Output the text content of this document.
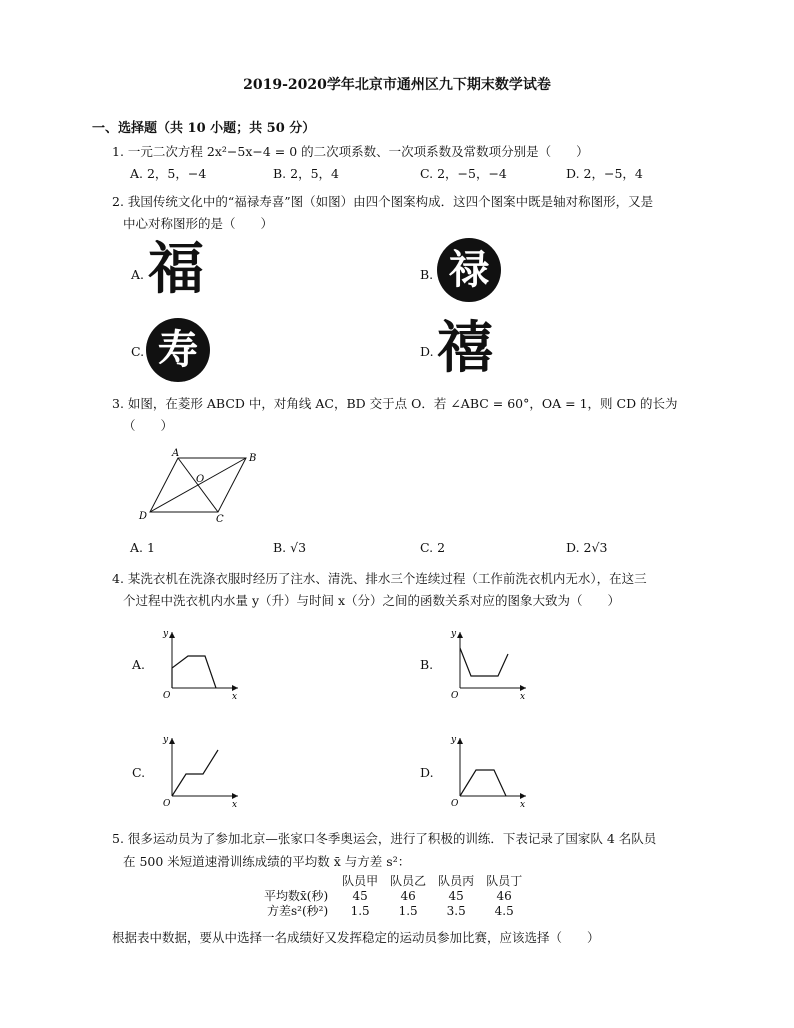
2019-2020学年北京市通州区九下期末数学试卷
一、选择题（共 10 小题；共 50 分）
1. 一元二次方程 2x²−5x−4 = 0 的二次项系数、一次项系数及常数项分别是（　　）
A. 2，5，−4	B. 2，5，4	C. 2，−5，−4	D. 2，−5，4
2. 我国传统文化中的“福禄寿喜”图（如图）由四个图案构成．这四个图案中既是轴对称图形，又是
中心对称图形的是（　　）
A. 福	B. 禄
C. 寿	D. 禧
3. 如图，在菱形 ABCD 中，对角线 AC，BD 交于点 O．若 ∠ABC = 60°，OA = 1，则 CD 的长为
（　　）
A	B
C
D
O
A. 1	B. √3	C. 2	D. 2√3
4. 某洗衣机在洗涤衣服时经历了注水、清洗、排水三个连续过程（工作前洗衣机内无水），在这三
个过程中洗衣机内水量 y（升）与时间 x（分）之间的函数关系对应的图象大致为（　　）
A.
y
x
O
B.
y
x
O
C.
y
x
O
D.
y
x
O
5. 很多运动员为了参加北京—张家口冬季奥运会，进行了积极的训练．下表记录了国家队 4 名队员
在 500 米短道速滑训练成绩的平均数 x̄ 与方差 s²：
	队员甲	队员乙	队员丙	队员丁
平均数x̄(秒)	45	46	45	46
方差s²(秒²)	1.5	1.5	3.5	4.5
根据表中数据，要从中选择一名成绩好又发挥稳定的运动员参加比赛，应该选择（　　）
